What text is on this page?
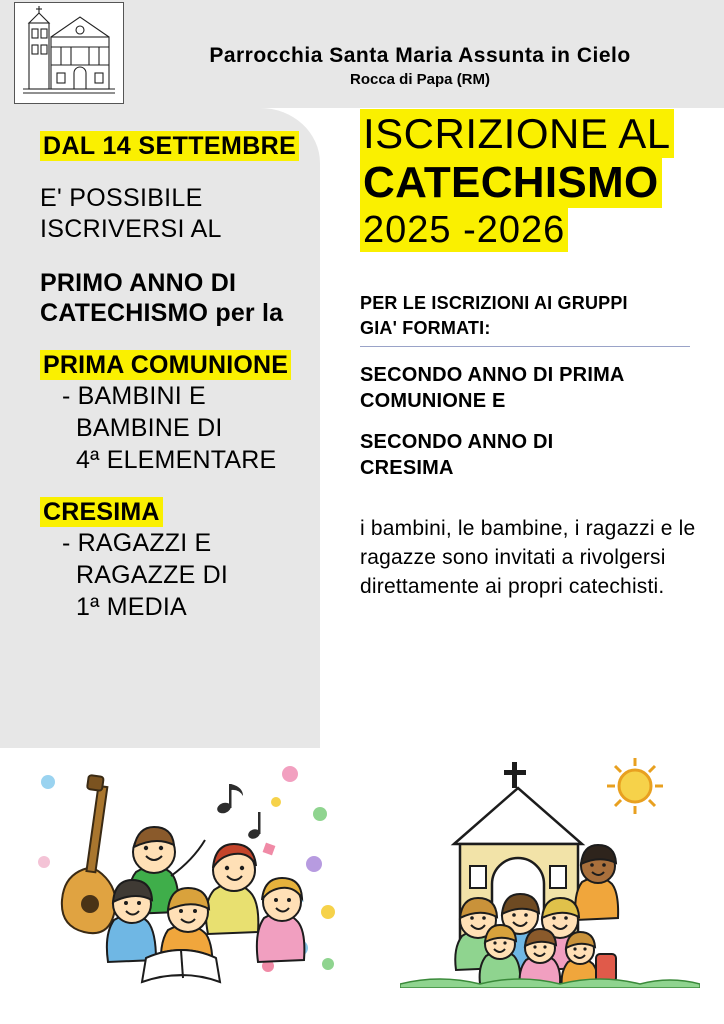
Parrocchia Santa Maria Assunta in Cielo
Rocca di Papa (RM)
DAL 14 SETTEMBRE
E' POSSIBILE
ISCRIVERSI AL
PRIMO ANNO DI
CATECHISMO per la
PRIMA COMUNIONE
- BAMBINI E
BAMBINE DI
4ª ELEMENTARE
CRESIMA
- RAGAZZI E
RAGAZZE DI
1ª MEDIA
ISCRIZIONE AL
CATECHISMO
2025 -2026
PER LE ISCRIZIONI AI GRUPPI
GIA' FORMATI:
SECONDO ANNO DI PRIMA
COMUNIONE E
SECONDO ANNO DI
CRESIMA
i bambini, le bambine, i ragazzi e le ragazze sono invitati a rivolgersi direttamente ai propri catechisti.
